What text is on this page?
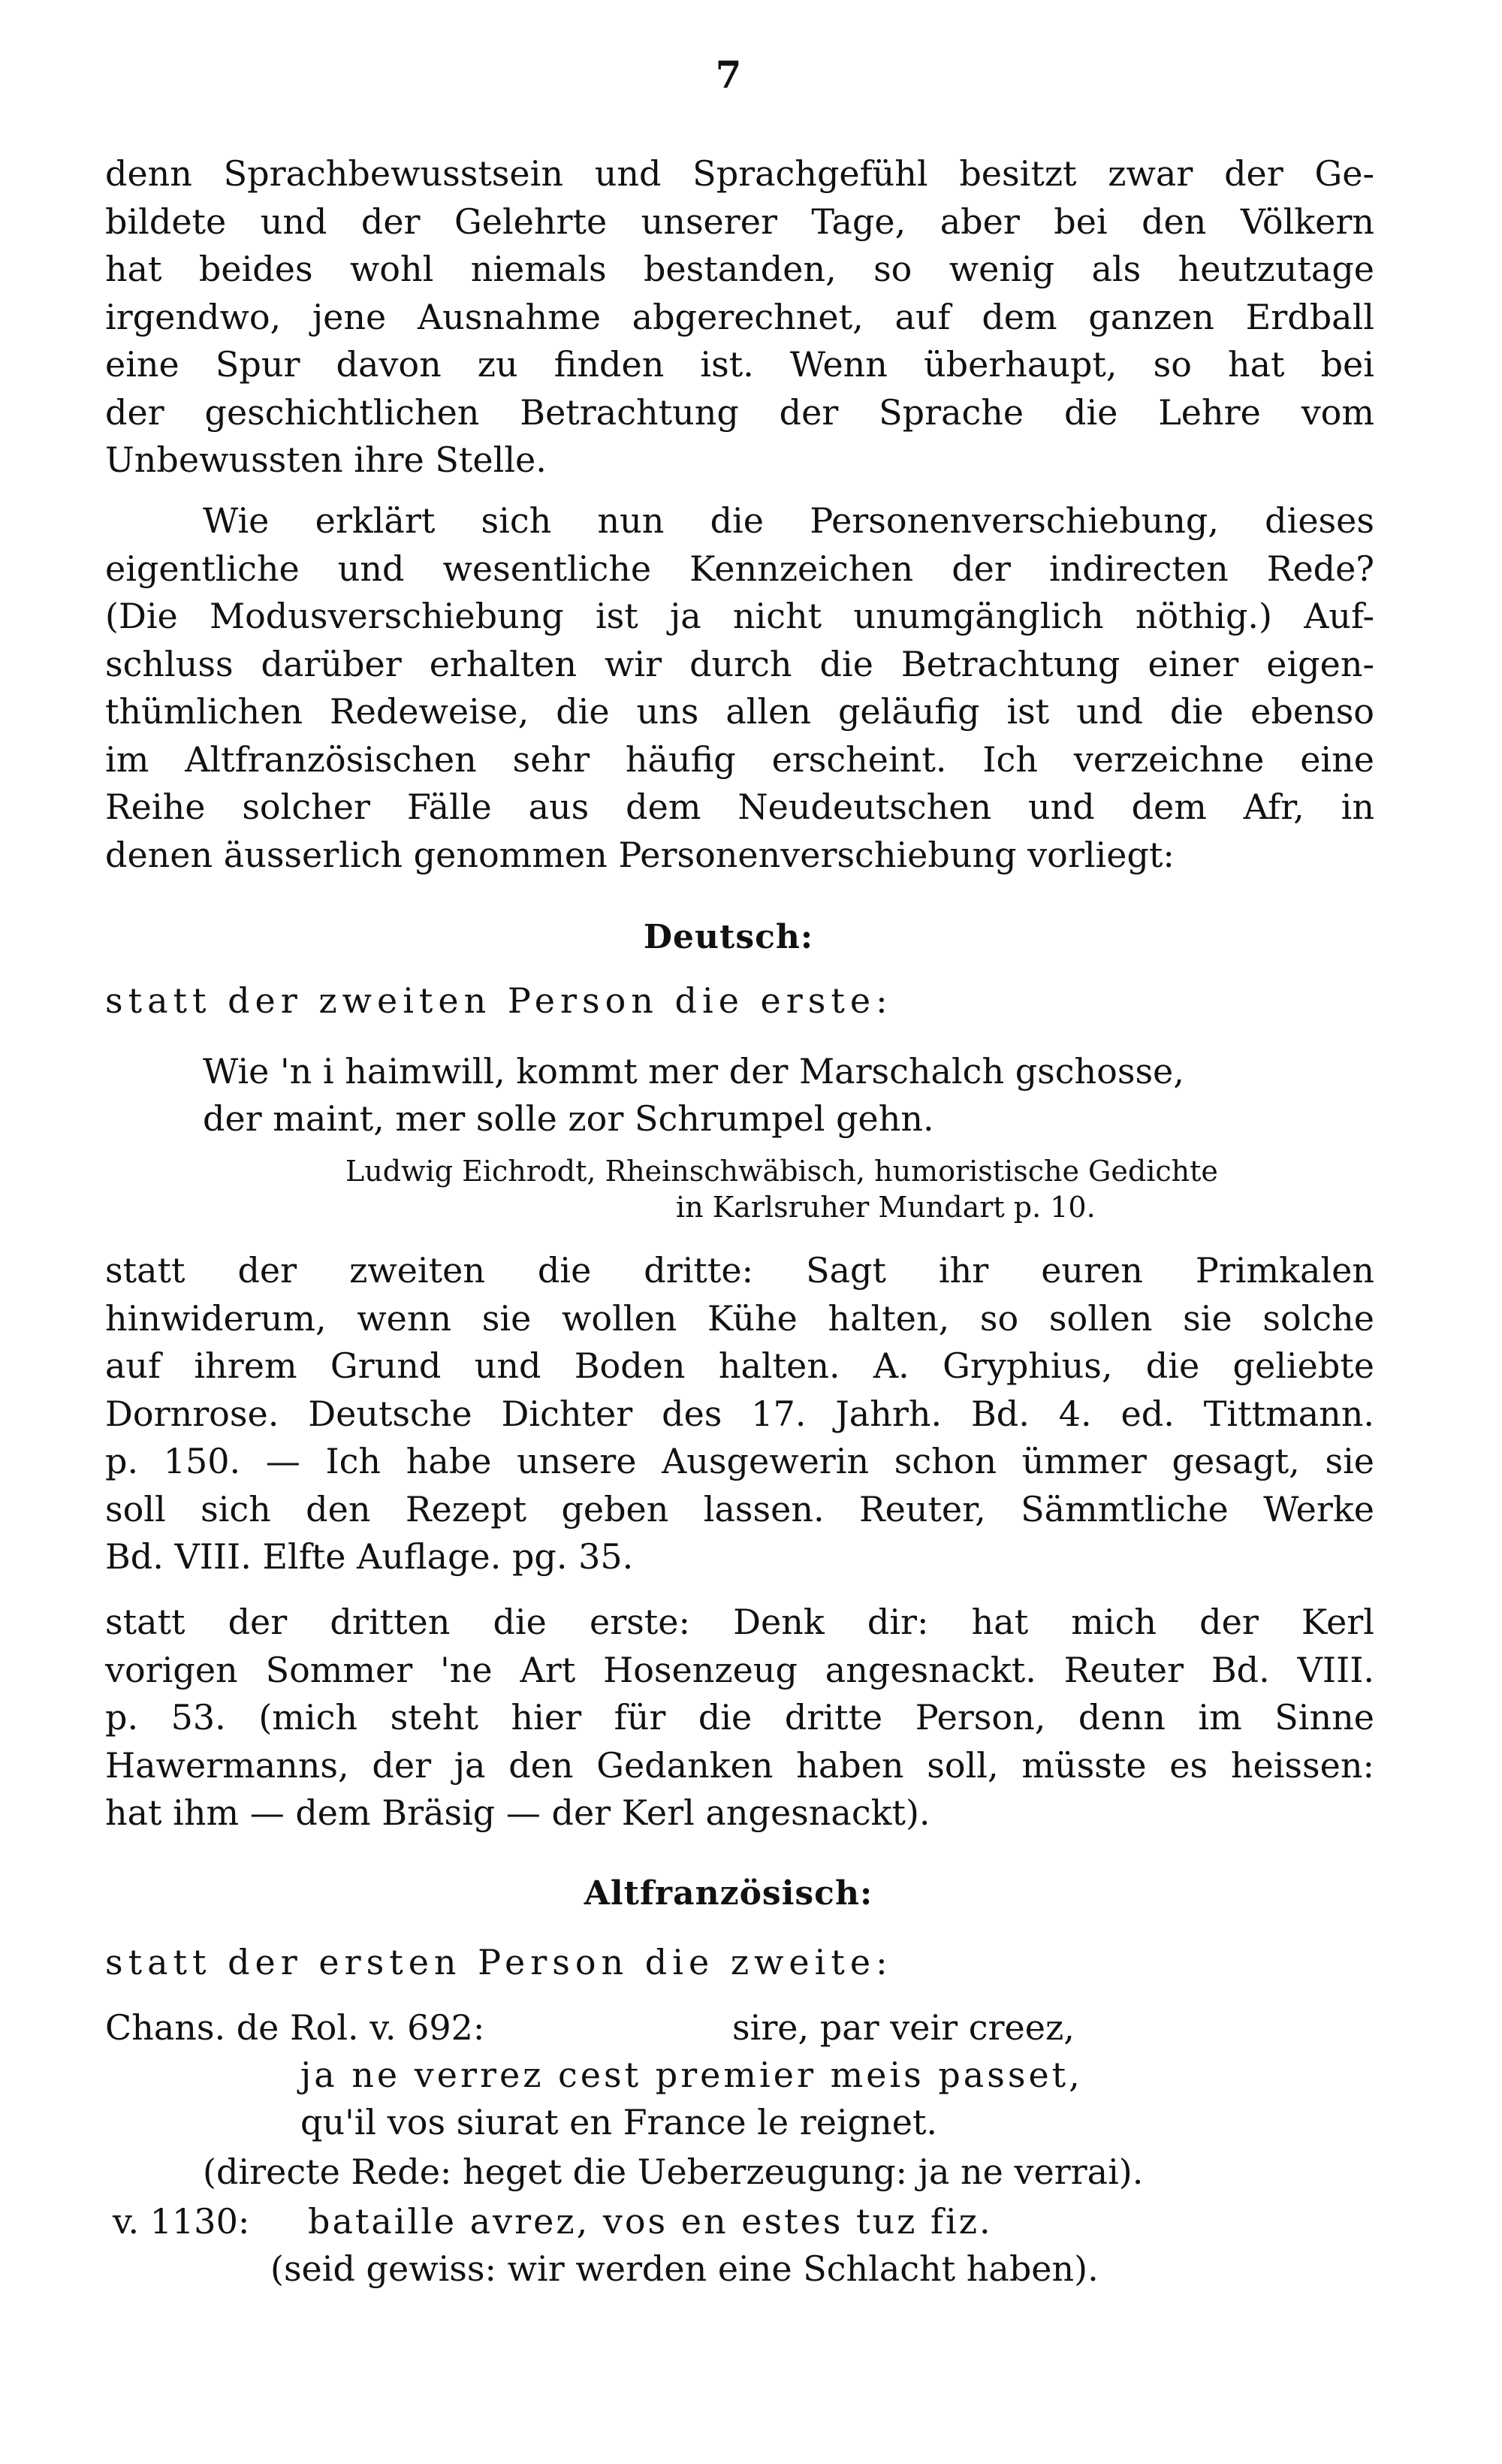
7

denn Sprachbewusstsein und Sprachgefühl besitzt zwar der Ge-
bildete und der Gelehrte unserer Tage, aber bei den Völkern
hat beides wohl niemals bestanden, so wenig als heutzutage
irgendwo, jene Ausnahme abgerechnet, auf dem ganzen Erdball
eine Spur davon zu finden ist. Wenn überhaupt, so hat bei
der geschichtlichen Betrachtung der Sprache die Lehre vom
Unbewussten ihre Stelle.

Wie erklärt sich nun die Personenverschiebung, dieses
eigentliche und wesentliche Kennzeichen der indirecten Rede?
(Die Modusverschiebung ist ja nicht unumgänglich nöthig.) Auf-
schluss darüber erhalten wir durch die Betrachtung einer eigen-
thümlichen Redeweise, die uns allen geläufig ist und die ebenso
im Altfranzösischen sehr häufig erscheint. Ich verzeichne eine
Reihe solcher Fälle aus dem Neudeutschen und dem Afr, in
denen äusserlich genommen Personenverschiebung vorliegt:

Deutsch:
statt der zweiten Person die erste:
Wie 'n i haimwill, kommt mer der Marschalch gschosse,
der maint, mer solle zor Schrumpel gehn.
Ludwig Eichrodt, Rheinschwäbisch, humoristische Gedichte
in Karlsruher Mundart p. 10.

statt der zweiten die dritte: Sagt ihr euren Primkalen
hinwiderum, wenn sie wollen Kühe halten, so sollen sie solche
auf ihrem Grund und Boden halten. A. Gryphius, die geliebte
Dornrose. Deutsche Dichter des 17. Jahrh. Bd. 4. ed. Tittmann.
p. 150. — Ich habe unsere Ausgewerin schon ümmer gesagt, sie
soll sich den Rezept geben lassen. Reuter, Sämmtliche Werke
Bd. VIII. Elfte Auflage. pg. 35.

statt der dritten die erste: Denk dir: hat mich der Kerl
vorigen Sommer 'ne Art Hosenzeug angesnackt. Reuter Bd. VIII.
p. 53. (mich steht hier für die dritte Person, denn im Sinne
Hawermanns, der ja den Gedanken haben soll, müsste es heissen:
hat ihm — dem Bräsig — der Kerl angesnackt).

Altfranzösisch:
statt der ersten Person die zweite:
Chans. de Rol. v. 692:	sire, par veir creez,
ja ne verrez cest premier meis passet,
qu'il vos siurat en France le reignet.
(directe Rede: heget die Ueberzeugung: ja ne verrai).
v. 1130: bataille avrez, vos en estes tuz fiz.
(seid gewiss: wir werden eine Schlacht haben).
